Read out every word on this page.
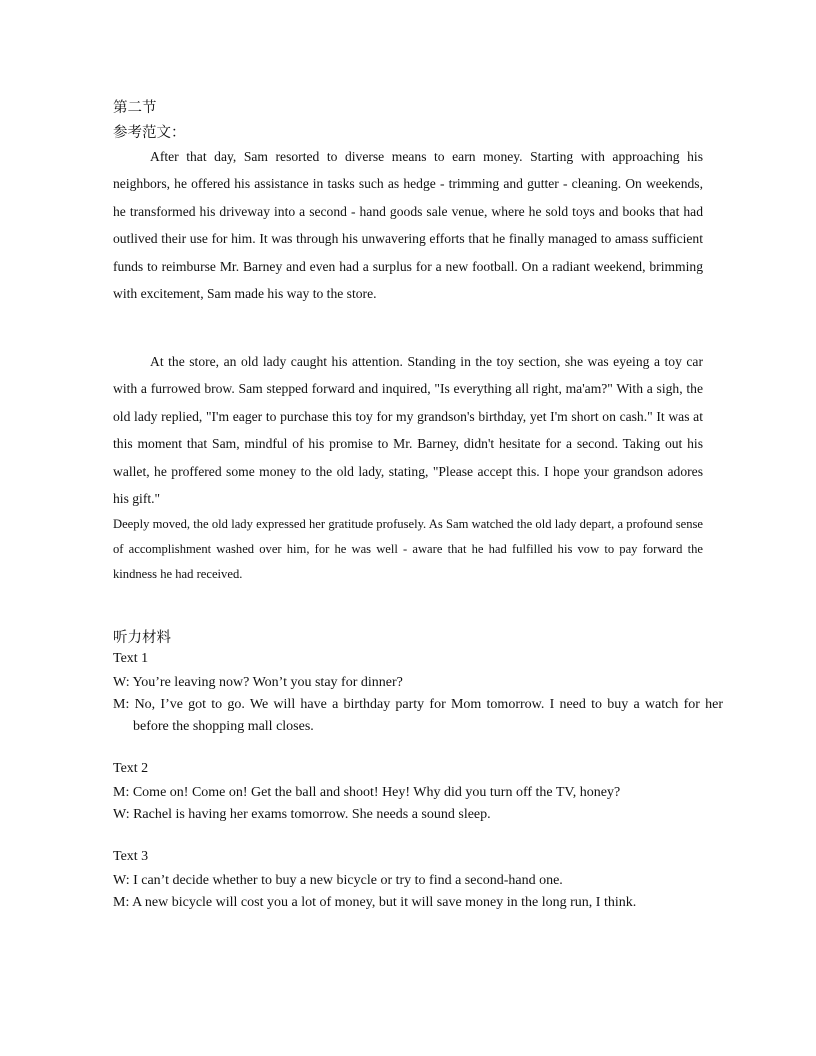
第二节
参考范文：

After that day, Sam resorted to diverse means to earn money. Starting with approaching his neighbors, he offered his assistance in tasks such as hedge - trimming and gutter - cleaning. On weekends, he transformed his driveway into a second - hand goods sale venue, where he sold toys and books that had outlived their use for him. It was through his unwavering efforts that he finally managed to amass sufficient funds to reimburse Mr. Barney and even had a surplus for a new football. On a radiant weekend, brimming with excitement, Sam made his way to the store.

At the store, an old lady caught his attention. Standing in the toy section, she was eyeing a toy car with a furrowed brow. Sam stepped forward and inquired, "Is everything all right, ma'am?" With a sigh, the old lady replied, "I'm eager to purchase this toy for my grandson's birthday, yet I'm short on cash." It was at this moment that Sam, mindful of his promise to Mr. Barney, didn't hesitate for a second. Taking out his wallet, he proffered some money to the old lady, stating, "Please accept this. I hope your grandson adores his gift."

Deeply moved, the old lady expressed her gratitude profusely. As Sam watched the old lady depart, a profound sense of accomplishment washed over him, for he was well - aware that he had fulfilled his vow to pay forward the kindness he had received.
听力材料
Text 1
W: You’re leaving now? Won’t you stay for dinner?
M: No, I’ve got to go. We will have a birthday party for Mom tomorrow. I need to buy a watch for her before the shopping mall closes.
Text 2
M: Come on! Come on! Get the ball and shoot! Hey! Why did you turn off the TV, honey?
W: Rachel is having her exams tomorrow. She needs a sound sleep.
Text 3
W: I can’t decide whether to buy a new bicycle or try to find a second-hand one.
M: A new bicycle will cost you a lot of money, but it will save money in the long run, I think.
